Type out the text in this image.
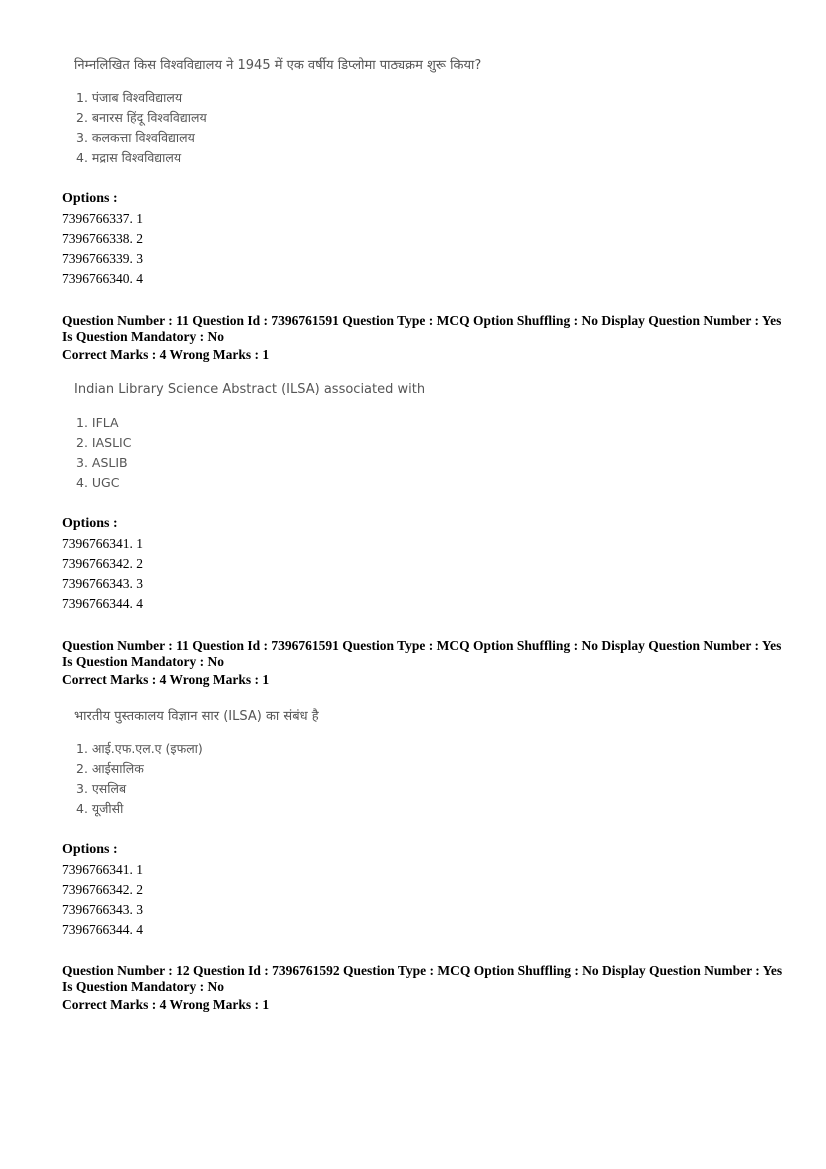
निम्नलिखित किस विश्वविद्यालय ने 1945 में एक वर्षीय डिप्लोमा पाठ्यक्रम शुरू किया?
1. पंजाब विश्वविद्यालय
2. बनारस हिंदू विश्वविद्यालय
3. कलकत्ता विश्वविद्यालय
4. मद्रास विश्वविद्यालय
Options :
7396766337. 1
7396766338. 2
7396766339. 3
7396766340. 4
Question Number : 11 Question Id : 7396761591 Question Type : MCQ Option Shuffling : No Display Question Number : Yes
Is Question Mandatory : No
Correct Marks : 4 Wrong Marks : 1
Indian Library Science Abstract (ILSA) associated with
1. IFLA
2. IASLIC
3. ASLIB
4. UGC
Options :
7396766341. 1
7396766342. 2
7396766343. 3
7396766344. 4
Question Number : 11 Question Id : 7396761591 Question Type : MCQ Option Shuffling : No Display Question Number : Yes
Is Question Mandatory : No
Correct Marks : 4 Wrong Marks : 1
भारतीय पुस्तकालय विज्ञान सार (ILSA) का संबंध है
1. आई.एफ.एल.ए (इफला)
2. आईसालिक
3. एसलिब
4. यूजीसी
Options :
7396766341. 1
7396766342. 2
7396766343. 3
7396766344. 4
Question Number : 12 Question Id : 7396761592 Question Type : MCQ Option Shuffling : No Display Question Number : Yes
Is Question Mandatory : No
Correct Marks : 4 Wrong Marks : 1
